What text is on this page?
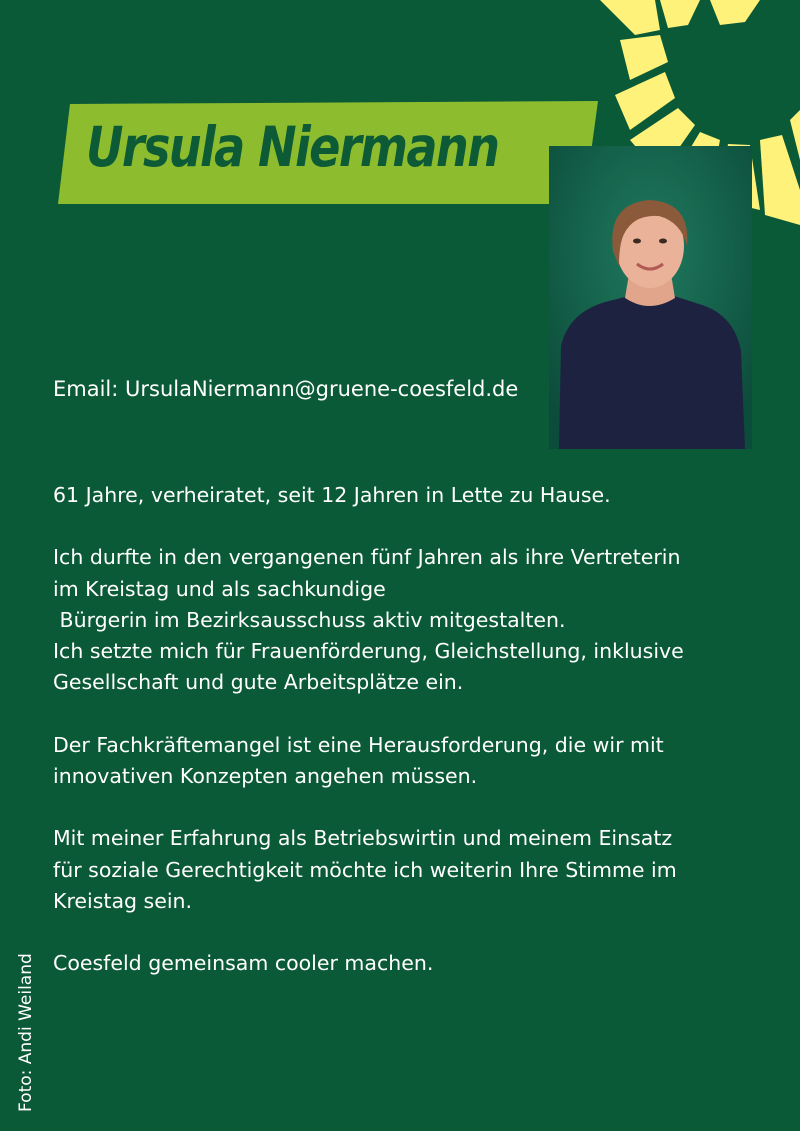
Ursula Niermann
Email: UrsulaNiermann@gruene-coesfeld.de

61 Jahre, verheiratet, seit 12 Jahren in Lette zu Hause.

Ich durfte in den vergangenen fünf Jahren als ihre Vertreterin

im Kreistag und als sachkundige

Bürgerin im Bezirksausschuss aktiv mitgestalten.

Ich setzte mich für Frauenförderung, Gleichstellung, inklusive

Gesellschaft und gute Arbeitsplätze ein.

Der Fachkräftemangel ist eine Herausforderung, die wir mit

innovativen Konzepten angehen müssen.

Mit meiner Erfahrung als Betriebswirtin und meinem Einsatz

für soziale Gerechtigkeit möchte ich weiterin Ihre Stimme im

Kreistag sein.

Coesfeld gemeinsam cooler machen.

Foto: Andi Weiland
